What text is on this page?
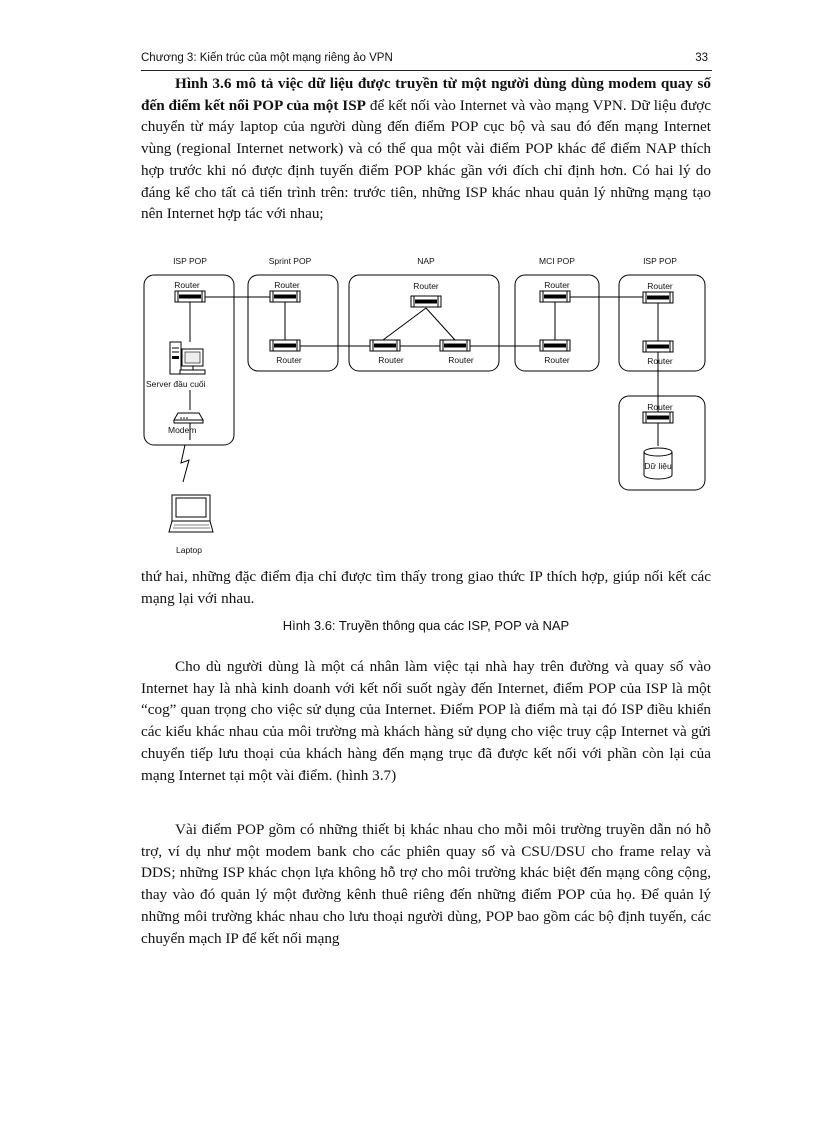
Chương 3: Kiến trúc của một mạng riêng ảo VPN	33

Hình 3.6 mô tả việc dữ liệu được truyền từ một người dùng dùng modem quay số đến điểm kết nối POP của một ISP để kết nối vào Internet và vào mạng VPN. Dữ liệu được chuyển từ máy laptop của người dùng đến điểm POP cục bộ và sau đó đến mạng Internet vùng (regional Internet network) và có thể qua một vài điểm POP khác để điểm NAP thích hợp trước khi nó được định tuyến điểm POP khác gần với đích chỉ định hơn. Có hai lý do đáng kể cho tất cả tiến trình trên: trước tiên, những ISP khác nhau quản lý những mạng tạo nên Internet hợp tác với nhau;

ISP POP	Sprint POP	NAP	MCI POP	ISP POP
Router	Router
Router
Router
Router	Router
Router
Router
Router
Router
Router
Server đầu cuối
Modem
Laptop
Dữ liệu

thứ hai, những đặc điểm địa chỉ được tìm thấy trong giao thức IP thích hợp, giúp nối kết các mạng lại với nhau.

Hình 3.6: Truyền thông qua các ISP, POP và NAP

Cho dù người dùng là một cá nhân làm việc tại nhà hay trên đường và quay số vào Internet hay là nhà kinh doanh với kết nối suốt ngày đến Internet, điểm POP của ISP là một “cog” quan trọng cho việc sử dụng của Internet. Điểm POP là điểm mà tại đó ISP điều khiển các kiểu khác nhau của môi trường mà khách hàng sử dụng cho việc truy cập Internet và gửi chuyển tiếp lưu thoại của khách hàng đến mạng trục đã được kết nối với phần còn lại của mạng Internet tại một vài điểm. (hình 3.7)

Vài điểm POP gồm có những thiết bị khác nhau cho mỗi môi trường truyền dẫn nó hỗ trợ, ví dụ như một modem bank cho các phiên quay số và CSU/DSU cho frame relay và DDS; những ISP khác chọn lựa không hỗ trợ cho môi trường khác biệt đến mạng công cộng, thay vào đó quản lý một đường kênh thuê riêng đến những điểm POP của họ. Để quản lý những môi trường khác nhau cho lưu thoại người dùng, POP bao gồm các bộ định tuyến, các chuyển mạch IP để kết nối mạng
